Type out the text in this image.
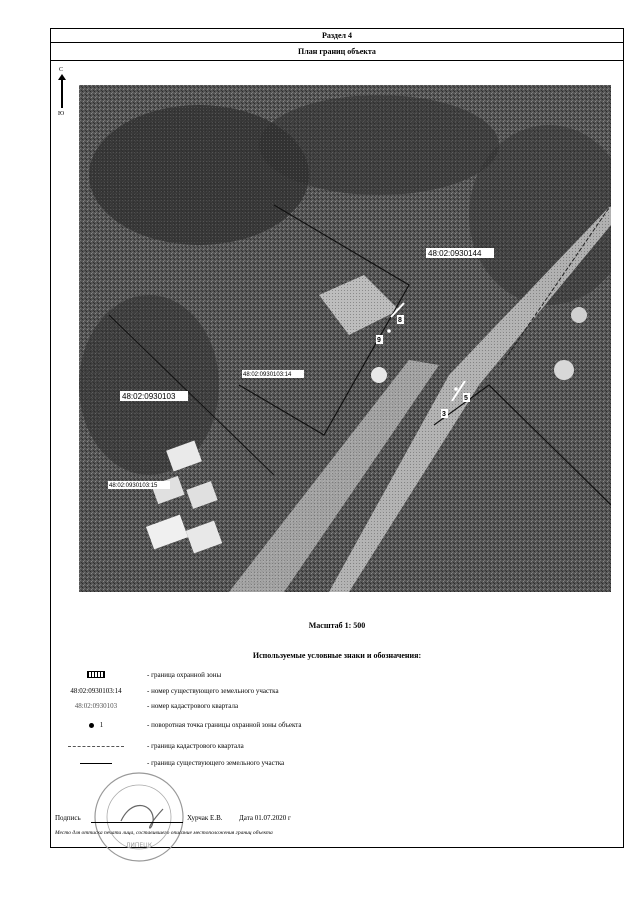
Раздел 4
План границ объекта
С
Ю
48:02:0930144
48:02:0930103
48:02:0930103:14
48:02:0930103:15
8
9
5
3
Масштаб 1: 500
Используемые условные знаки и обозначения:
- граница охранной зоны
48:02:0930103:14	- номер существующего земельного участка
48:02:0930103	- номер кадастрового квартала
1	- поворотная точка границы охранной зоны объекта
- граница кадастрового квартала
- граница существующего земельного участка
ЛИПЕЦК
Подпись	Хурчак Е.В. Дата 01.07.2020 г
Место для оттиска печати лица, составившего описание местоположения границ объекта
